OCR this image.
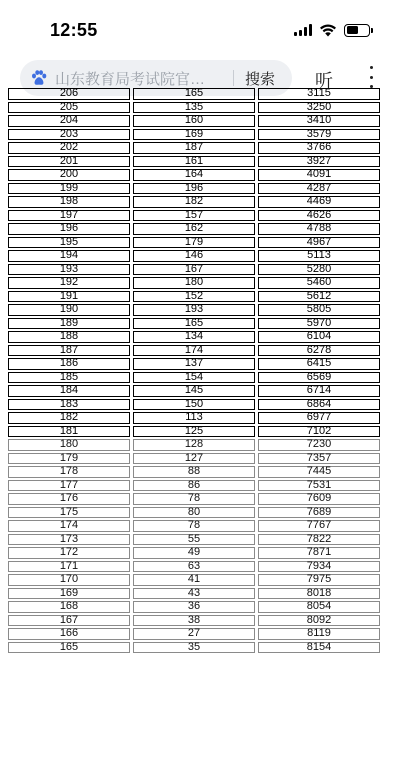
12:55
山东教育局考试院官…	搜索 听
206	165	3115
205	135	3250
204	160	3410
203	169	3579
202	187	3766
201	161	3927
200	164	4091
199	196	4287
198	182	4469
197	157	4626
196	162	4788
195	179	4967
194	146	5113
193	167	5280
192	180	5460
191	152	5612
190	193	5805
189	165	5970
188	134	6104
187	174	6278
186	137	6415
185	154	6569
184	145	6714
183	150	6864
182	113	6977
181	125	7102
180	128	7230
179	127	7357
178	88	7445
177	86	7531
176	78	7609
175	80	7689
174	78	7767
173	55	7822
172	49	7871
171	63	7934
170	41	7975
169	43	8018
168	36	8054
167	38	8092
166	27	8119
165	35	8154
